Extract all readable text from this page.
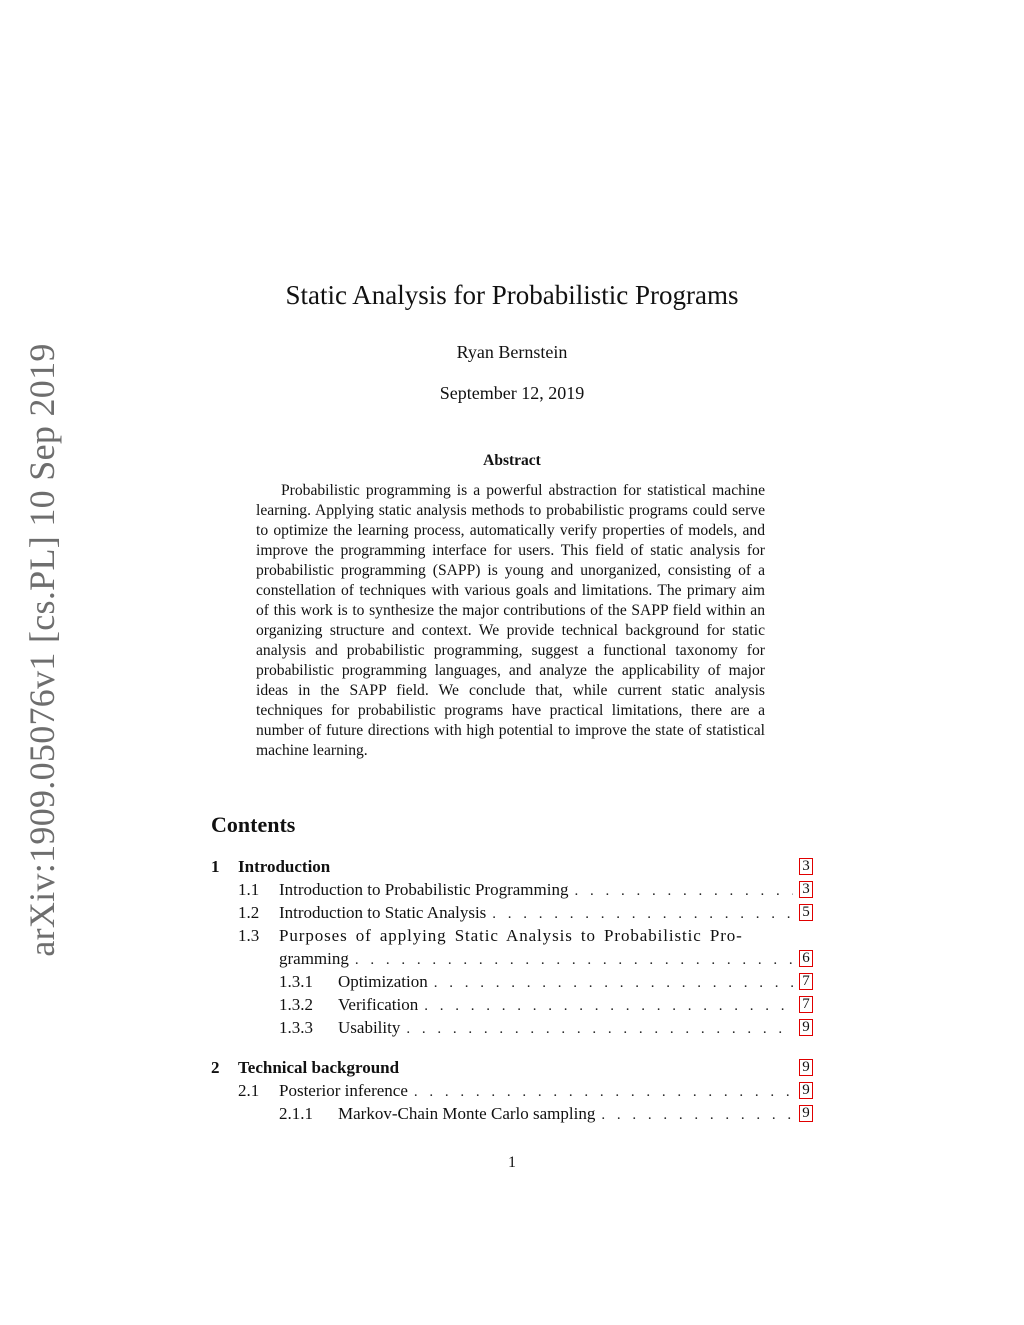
arXiv:1909.05076v1 [cs.PL] 10 Sep 2019
Static Analysis for Probabilistic Programs
Ryan Bernstein
September 12, 2019
Abstract

Probabilistic programming is a powerful abstraction for statistical machine learning. Applying static analysis methods to probabilistic programs could serve to optimize the learning process, automatically verify properties of models, and improve the programming interface for users. This field of static analysis for probabilistic programming (SAPP) is young and unorganized, consisting of a constellation of techniques with various goals and limitations. The primary aim of this work is to synthesize the major contributions of the SAPP field within an organizing structure and context. We provide technical background for static analysis and probabilistic programming, suggest a functional taxonomy for probabilistic programming languages, and analyze the applicability of major ideas in the SAPP field. We conclude that, while current static analysis techniques for probabilistic programs have practical limitations, there are a number of future directions with high potential to improve the state of statistical machine learning.

Contents
1	Introduction	3
1.1	Introduction to Probabilistic Programming . . .	3
1.2	Introduction to Static Analysis . . .	5
1.3	Purposes of applying Static Analysis to Probabilistic Pro-
gramming . . .	6
1.3.1	Optimization . . .	7
1.3.2	Verification . . .	7
1.3.3	Usability . . .	9
2	Technical background	9
2.1	Posterior inference . . .	9
2.1.1	Markov-Chain Monte Carlo sampling . . .	9
1
